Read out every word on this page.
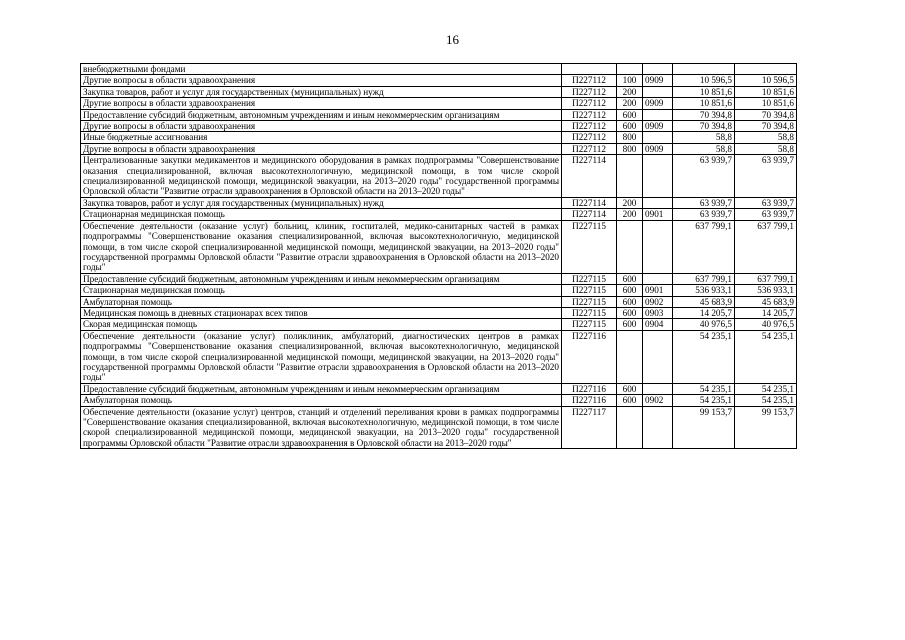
16
внебюджетными фондами					
Другие вопросы в области здравоохранения	П227112	100	0909	10 596,5	10 596,5
Закупка товаров, работ и услуг для государственных (муниципальных) нужд	П227112	200		10 851,6	10 851,6
Другие вопросы в области здравоохранения	П227112	200	0909	10 851,6	10 851,6
Предоставление субсидий бюджетным, автономным учреждениям и иным некоммерческим организациям	П227112	600		70 394,8	70 394,8
Другие вопросы в области здравоохранения	П227112	600	0909	70 394,8	70 394,8
Иные бюджетные ассигнования	П227112	800		58,8	58,8
Другие вопросы в области здравоохранения	П227112	800	0909	58,8	58,8
Централизованные закупки медикаментов и медицинского оборудования в рамках подпрограммы "Совершенствование оказания специализированной, включая высокотехнологичную, медицинской помощи, в том числе скорой специализированной медицинской помощи, медицинской эвакуации, на 2013–2020 годы" государственной программы Орловской области "Развитие отрасли здравоохранения в Орловской области на 2013–2020 годы"	П227114			63 939,7	63 939,7
Закупка товаров, работ и услуг для государственных (муниципальных) нужд	П227114	200		63 939,7	63 939,7
Стационарная медицинская помощь	П227114	200	0901	63 939,7	63 939,7
Обеспечение деятельности (оказание услуг) больниц, клиник, госпиталей, медико-санитарных частей в рамках подпрограммы "Совершенствование оказания специализированной, включая высокотехнологичную, медицинской помощи, в том числе скорой специализированной медицинской помощи, медицинской эвакуации, на 2013–2020 годы" государственной программы Орловской области "Развитие отрасли здравоохранения в Орловской области на 2013–2020 годы"	П227115			637 799,1	637 799,1
Предоставление субсидий бюджетным, автономным учреждениям и иным некоммерческим организациям	П227115	600		637 799,1	637 799,1
Стационарная медицинская помощь	П227115	600	0901	536 933,1	536 933,1
Амбулаторная помощь	П227115	600	0902	45 683,9	45 683,9
Медицинская помощь в дневных стационарах всех типов	П227115	600	0903	14 205,7	14 205,7
Скорая медицинская помощь	П227115	600	0904	40 976,5	40 976,5
Обеспечение деятельности (оказание услуг) поликлиник, амбулаторий, диагностических центров в рамках подпрограммы "Совершенствование оказания специализированной, включая высокотехнологичную, медицинской помощи, в том числе скорой специализированной медицинской помощи, медицинской эвакуации, на 2013–2020 годы" государственной программы Орловской области "Развитие отрасли здравоохранения в Орловской области на 2013–2020 годы"	П227116			54 235,1	54 235,1
Предоставление субсидий бюджетным, автономным учреждениям и иным некоммерческим организациям	П227116	600		54 235,1	54 235,1
Амбулаторная помощь	П227116	600	0902	54 235,1	54 235,1
Обеспечение деятельности (оказание услуг) центров, станций и отделений переливания крови в рамках подпрограммы "Совершенствование оказания специализированной, включая высокотехнологичную, медицинской помощи, в том числе скорой специализированной медицинской помощи, медицинской эвакуации, на 2013–2020 годы" государственной программы Орловской области "Развитие отрасли здравоохранения в Орловской области на 2013–2020 годы"	П227117			99 153,7	99 153,7
